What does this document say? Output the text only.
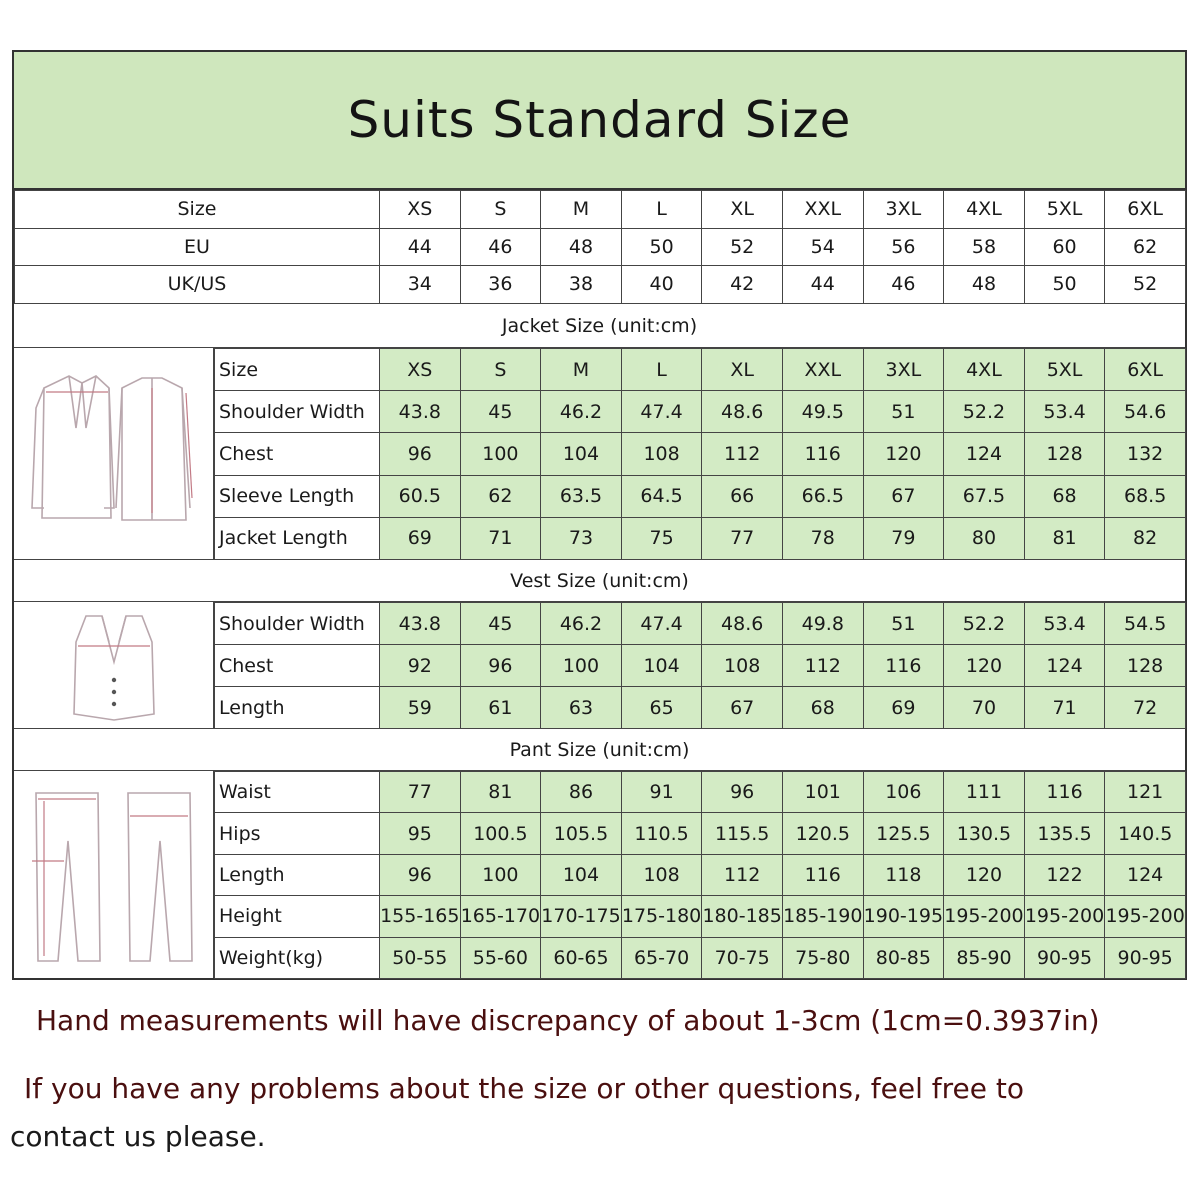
Suits Standard Size
Size	XS	S	M	L	XL	XXL	3XL	4XL	5XL	6XL
EU	44	46	48	50	52	54	56	58	60	62
UK/US	34	36	38	40	42	44	46	48	50	52
Jacket Size (unit:cm)
Size	XS	S	M	L	XL	XXL	3XL	4XL	5XL	6XL
Shoulder Width	43.8	45	46.2	47.4	48.6	49.5	51	52.2	53.4	54.6
Chest	96	100	104	108	112	116	120	124	128	132
Sleeve Length	60.5	62	63.5	64.5	66	66.5	67	67.5	68	68.5
Jacket Length	69	71	73	75	77	78	79	80	81	82
Vest Size (unit:cm)
Shoulder Width	43.8	45	46.2	47.4	48.6	49.8	51	52.2	53.4	54.5
Chest	92	96	100	104	108	112	116	120	124	128
Length	59	61	63	65	67	68	69	70	71	72
Pant Size (unit:cm)
Waist	77	81	86	91	96	101	106	111	116	121
Hips	95	100.5	105.5	110.5	115.5	120.5	125.5	130.5	135.5	140.5
Length	96	100	104	108	112	116	118	120	122	124
Height	155-165	165-170	170-175	175-180	180-185	185-190	190-195	195-200	195-200	195-200
Weight(kg)	50-55	55-60	60-65	65-70	70-75	75-80	80-85	85-90	90-95	90-95
Hand measurements will have discrepancy of about 1-3cm (1cm=0.3937in)
If you have any problems about the size or other questions, feel free to
contact us please.
